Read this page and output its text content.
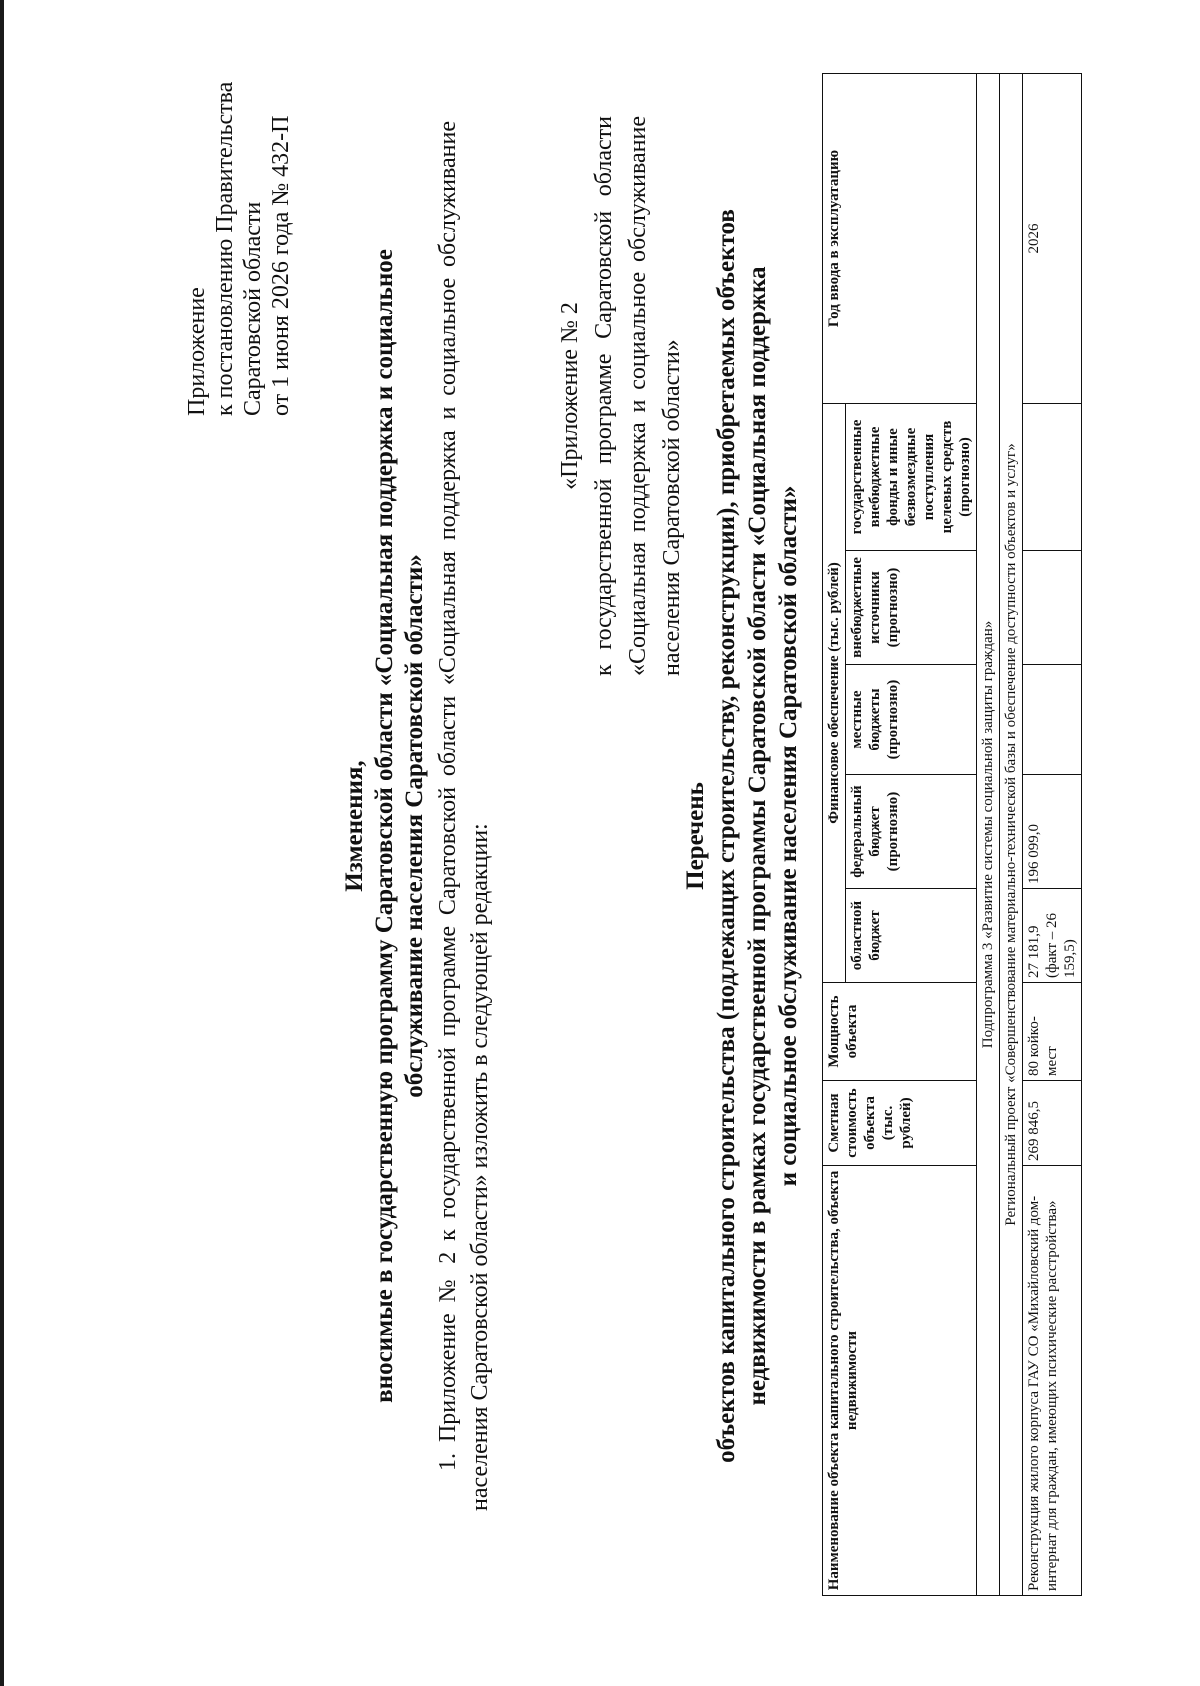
Приложение к постановлению Правительства Саратовской области от 1 июня 2026 года № 432-П
Изменения, вносимые в государственную программу Саратовской области «Социальная поддержка и социальное обслуживание населения Саратовской области» 1. Приложение № 2 к государственной программе Саратовской области «Социальная поддержка и социальное обслуживание населения Саратовской области» изложить в следующей редакции:
«Приложение № 2 к государственной программе Саратовской области «Социальная поддержка и социальное обслуживание населения Саратовской области»
Перечень объектов капитального строительства (подлежащих строительству, реконструкции), приобретаемых объектов недвижимости в рамках государственной программы Саратовской области «Социальная поддержка и социальное обслуживание населения Саратовской области»
Наименование объекта капитального строительства, объекта недвижимости	Сметная стоимость объекта (тыс. рублей)	Мощность объекта	Финансовое обеспечение (тыс. рублей)					Год ввода в эксплуатацию
			областной бюджет	федеральный бюджет (прогнозно)	местные бюджеты (прогнозно)	внебюджетные источники (прогнозно)	государственные внебюджетные фонды и иные безвозмездные поступления целевых средств (прогнозно)	
Подпрограмма 3 «Развитие системы социальной защиты граждан»								
Региональный проект «Совершенствование материально-технической базы и обеспечение доступности объектов и услуг»								
Реконструкция жилого корпуса ГАУ СО «Михайловский дом-интернат для граждан, имеющих психические расстройства»	269 846,5	80 койко-мест	27 181,9 (факт – 26 159,5)	196 099,0				2026
